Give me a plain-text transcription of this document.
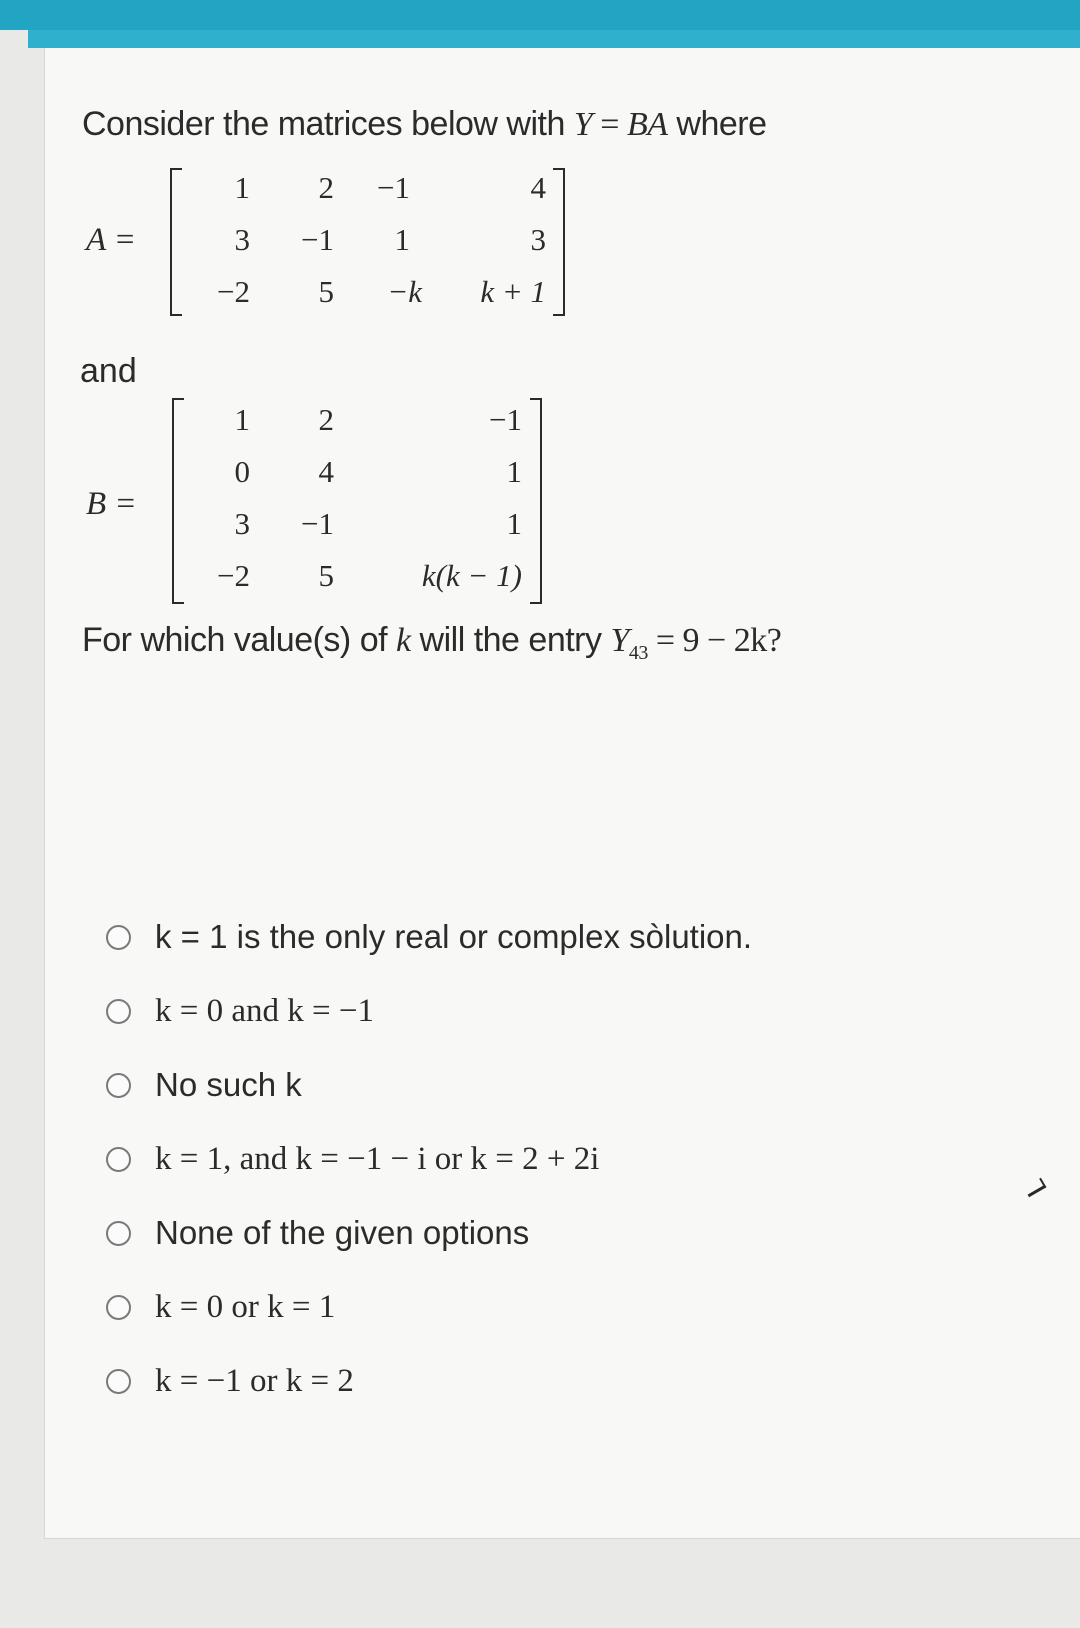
Consider the matrices below with Y = BA where
A =
1	2	−1	4
3	−1	1	3
−2	5	−k	k + 1
and
B =
1	2	−1
0	4	1
3	−1	1
−2	5	k(k − 1)
For which value(s) of k will the entry $Y_{43} = 9 - 2k$?
k = 1 is the only real or complex sòlution.
k = 0 and k = −1
No such k
k = 1, and k = −1 − i or k = 2 + 2i
None of the given options
k = 0 or k = 1
k = −1 or k = 2
